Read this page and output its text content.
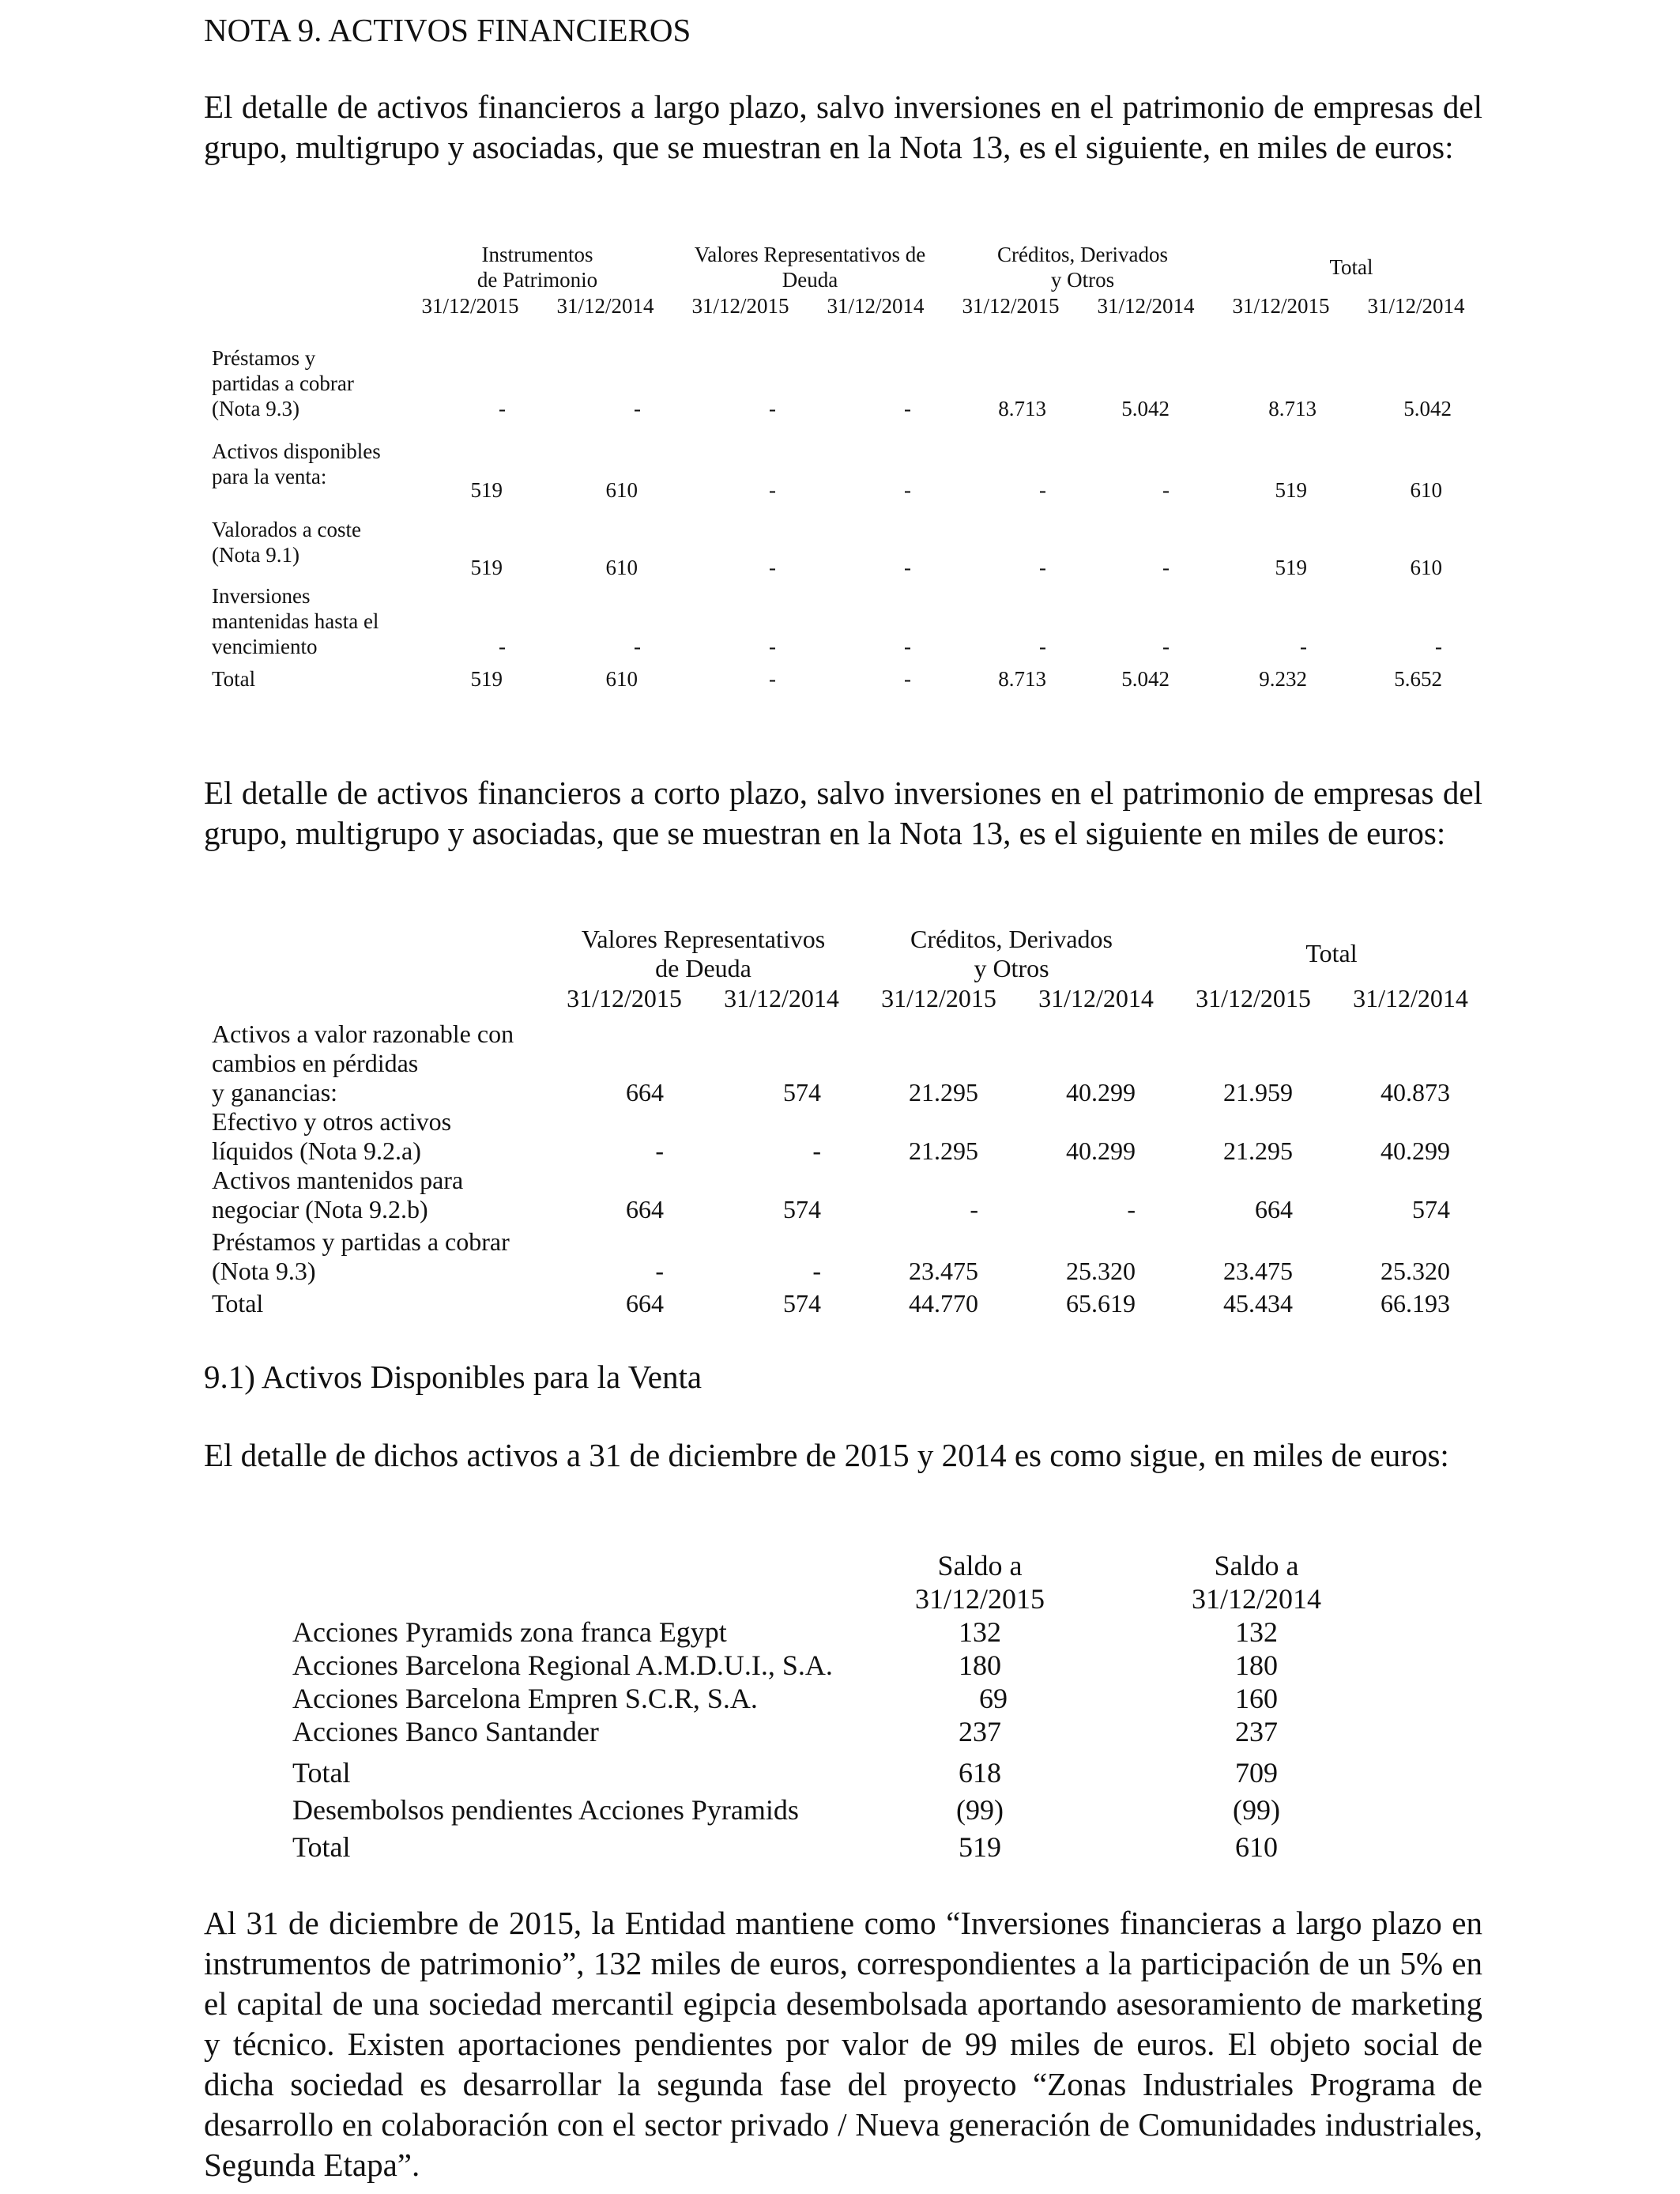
NOTA 9. ACTIVOS FINANCIEROS
El detalle de activos financieros a largo plazo, salvo inversiones en el patrimonio de empresas del grupo, multigrupo y asociadas, que se muestran en la Nota 13, es el siguiente, en miles de euros:
Instrumentos
de Patrimonio
Valores Representativos de
Deuda
Créditos, Derivados
y Otros
Total
31/12/2015	31/12/2014	31/12/2015	31/12/2014	31/12/2015	31/12/2014	31/12/2015	31/12/2014
Préstamos y
partidas a cobrar
(Nota 9.3)	-	-	-	-	8.713	5.042	8.713	5.042
Activos disponibles
para la venta:
519	610	-	-	-	-	519	610
Valorados a coste
(Nota 9.1)
519	610	-	-	-	-	519	610
Inversiones
mantenidas hasta el
vencimiento	-	-	-	-	-	-	-	-
Total	519	610	-	-	8.713	5.042	9.232	5.652
El detalle de activos financieros a corto plazo, salvo inversiones en el patrimonio de empresas del grupo, multigrupo y asociadas, que se muestran en la Nota 13, es el siguiente en miles de euros:
Valores Representativos
de Deuda
Créditos, Derivados
y Otros
Total
31/12/2015	31/12/2014	31/12/2015	31/12/2014	31/12/2015	31/12/2014
Activos a valor razonable con
cambios en pérdidas
y ganancias:	664	574	21.295	40.299	21.959	40.873
Efectivo y otros activos
líquidos (Nota 9.2.a)	-	-	21.295	40.299	21.295	40.299
Activos mantenidos para
negociar (Nota 9.2.b)	664	574	-	-	664	574
Préstamos y partidas a cobrar
(Nota 9.3)	-	-	23.475	25.320	23.475	25.320
Total	664	574	44.770	65.619	45.434	66.193
9.1) Activos Disponibles para la Venta
El detalle de dichos activos a 31 de diciembre de 2015 y 2014 es como sigue, en miles de euros:
Saldo a
31/12/2015
Saldo a
31/12/2014
Acciones Pyramids zona franca Egypt	132	132
Acciones Barcelona Regional A.M.D.U.I., S.A.	180	180
Acciones Barcelona Empren S.C.R, S.A.	69	160
Acciones Banco Santander	237	237
Total	618	709
Desembolsos pendientes Acciones Pyramids	(99)	(99)
Total	519	610
Al 31 de diciembre de 2015, la Entidad mantiene como “Inversiones financieras a largo plazo en instrumentos de patrimonio”, 132 miles de euros, correspondientes a la participación de un 5% en el capital de una sociedad mercantil egipcia desembolsada aportando asesoramiento de marketing y técnico. Existen aportaciones pendientes por valor de 99 miles de euros. El objeto social de dicha sociedad es desarrollar la segunda fase del proyecto “Zonas Industriales Programa de desarrollo en colaboración con el sector privado / Nueva generación de Comunidades industriales, Segunda Etapa”.
